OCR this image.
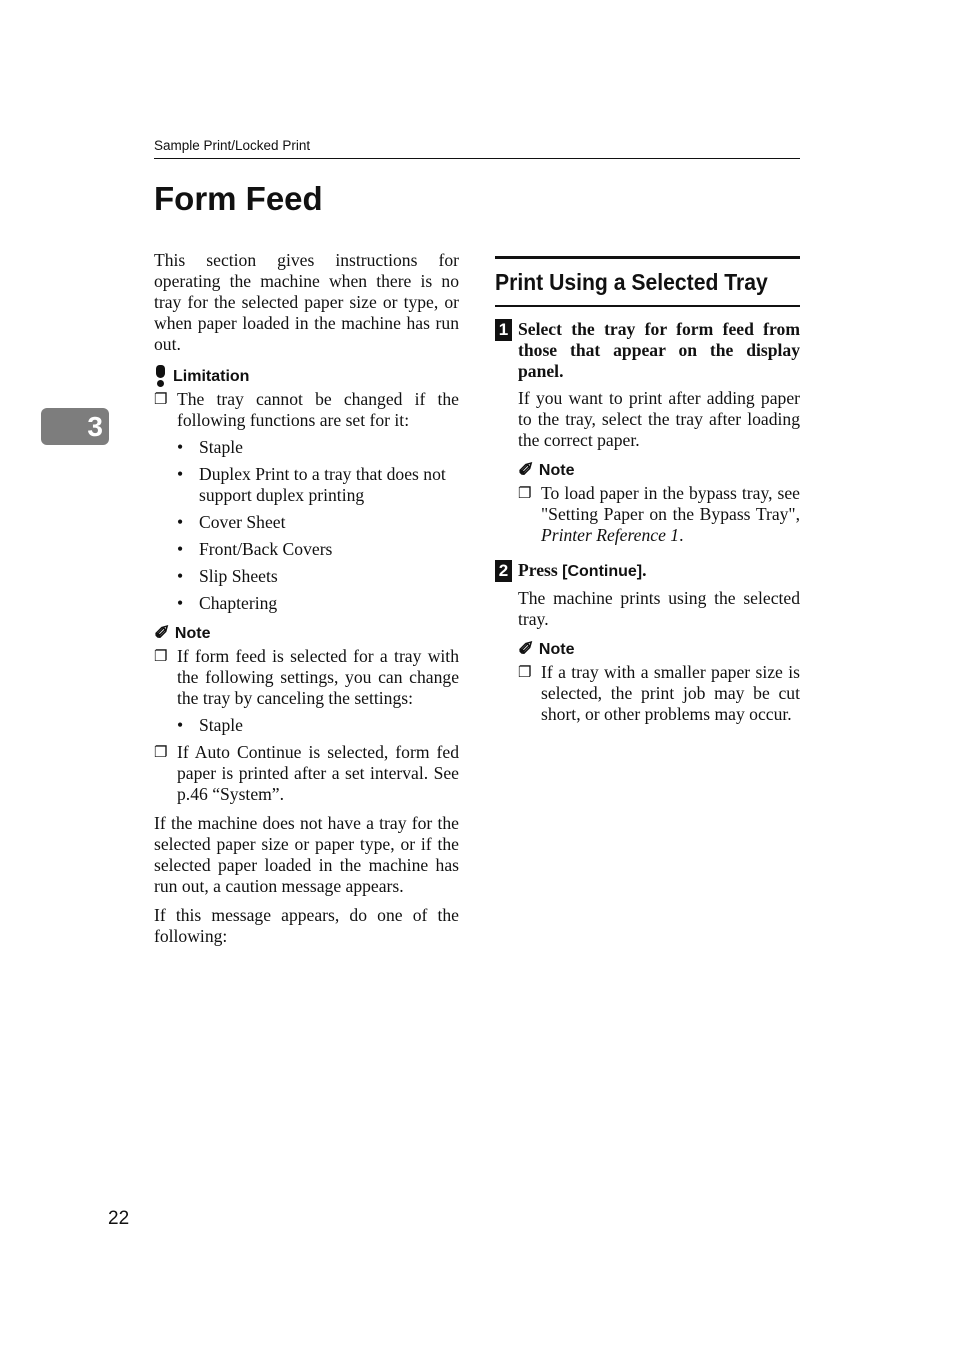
Sample Print/Locked Print
Form Feed
3

This section gives instructions for operating the machine when there is no tray for the selected paper size or type, or when paper loaded in the machine has run out.

Limitation
❐ The tray cannot be changed if the following functions are set for it:
• Staple
• Duplex Print to a tray that does not support duplex printing
• Cover Sheet
• Front/Back Covers
• Slip Sheets
• Chaptering
✐ Note
❐ If form feed is selected for a tray with the following settings, you can change the tray by canceling the settings:
• Staple
❐ If Auto Continue is selected, form fed paper is printed after a set interval. See p.46 “System”.

If the machine does not have a tray for the selected paper size or paper type, or if the selected paper loaded in the machine has run out, a caution message appears.

If this message appears, do one of the following:

Print Using a Selected Tray
1 Select the tray for form feed from those that appear on the display panel.

If you want to print after adding paper to the tray, select the tray after loading the correct paper.

✐ Note
❐ To load paper in the bypass tray, see "Setting Paper on the Bypass Tray", Printer Reference 1.
2 Press [Continue].

The machine prints using the selected tray.

✐ Note
❐ If a tray with a smaller paper size is selected, the print job may be cut short, or other problems may occur.
22
